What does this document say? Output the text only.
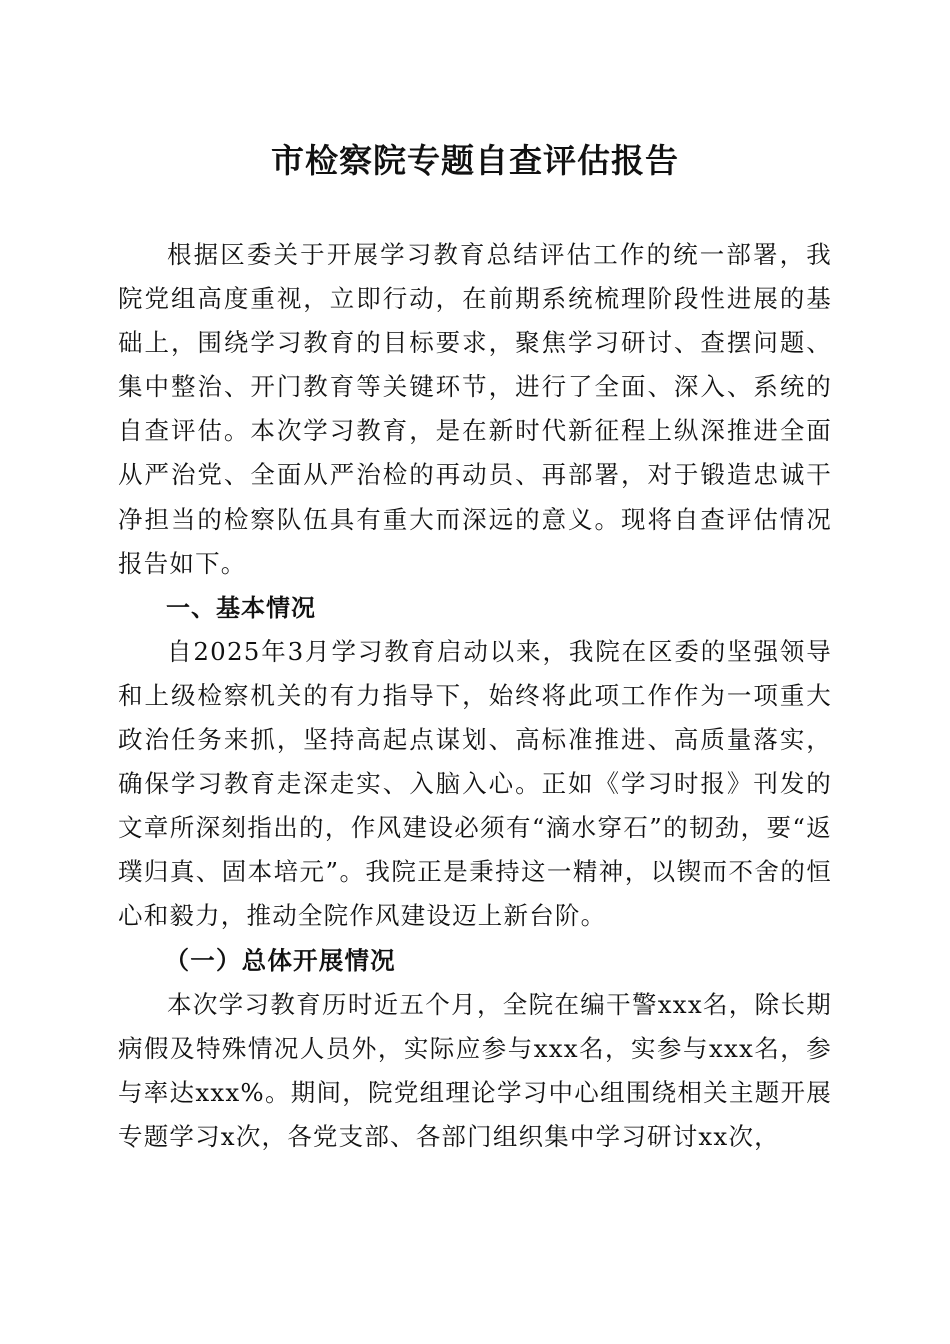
市检察院专题自查评估报告

根据区委关于开展学习教育总结评估工作的统一部署，我院党组高度重视，立即行动，在前期系统梳理阶段性进展的基础上，围绕学习教育的目标要求，聚焦学习研讨、查摆问题、集中整治、开门教育等关键环节，进行了全面、深入、系统的自查评估。本次学习教育，是在新时代新征程上纵深推进全面从严治党、全面从严治检的再动员、再部署，对于锻造忠诚干净担当的检察队伍具有重大而深远的意义。现将自查评估情况报告如下。

一、基本情况

自2025年3月学习教育启动以来，我院在区委的坚强领导和上级检察机关的有力指导下，始终将此项工作作为一项重大政治任务来抓，坚持高起点谋划、高标准推进、高质量落实，确保学习教育走深走实、入脑入心。正如《学习时报》刊发的文章所深刻指出的，作风建设必须有“滴水穿石”的韧劲，要“返璞归真、固本培元”。我院正是秉持这一精神，以锲而不舍的恒心和毅力，推动全院作风建设迈上新台阶。

（一）总体开展情况

本次学习教育历时近五个月，全院在编干警xxx名，除长期病假及特殊情况人员外，实际应参与xxx名，实参与xxx名，参与率达xxx%。期间，院党组理论学习中心组围绕相关主题开展专题学习x次，各党支部、各部门组织集中学习研讨xx次，
